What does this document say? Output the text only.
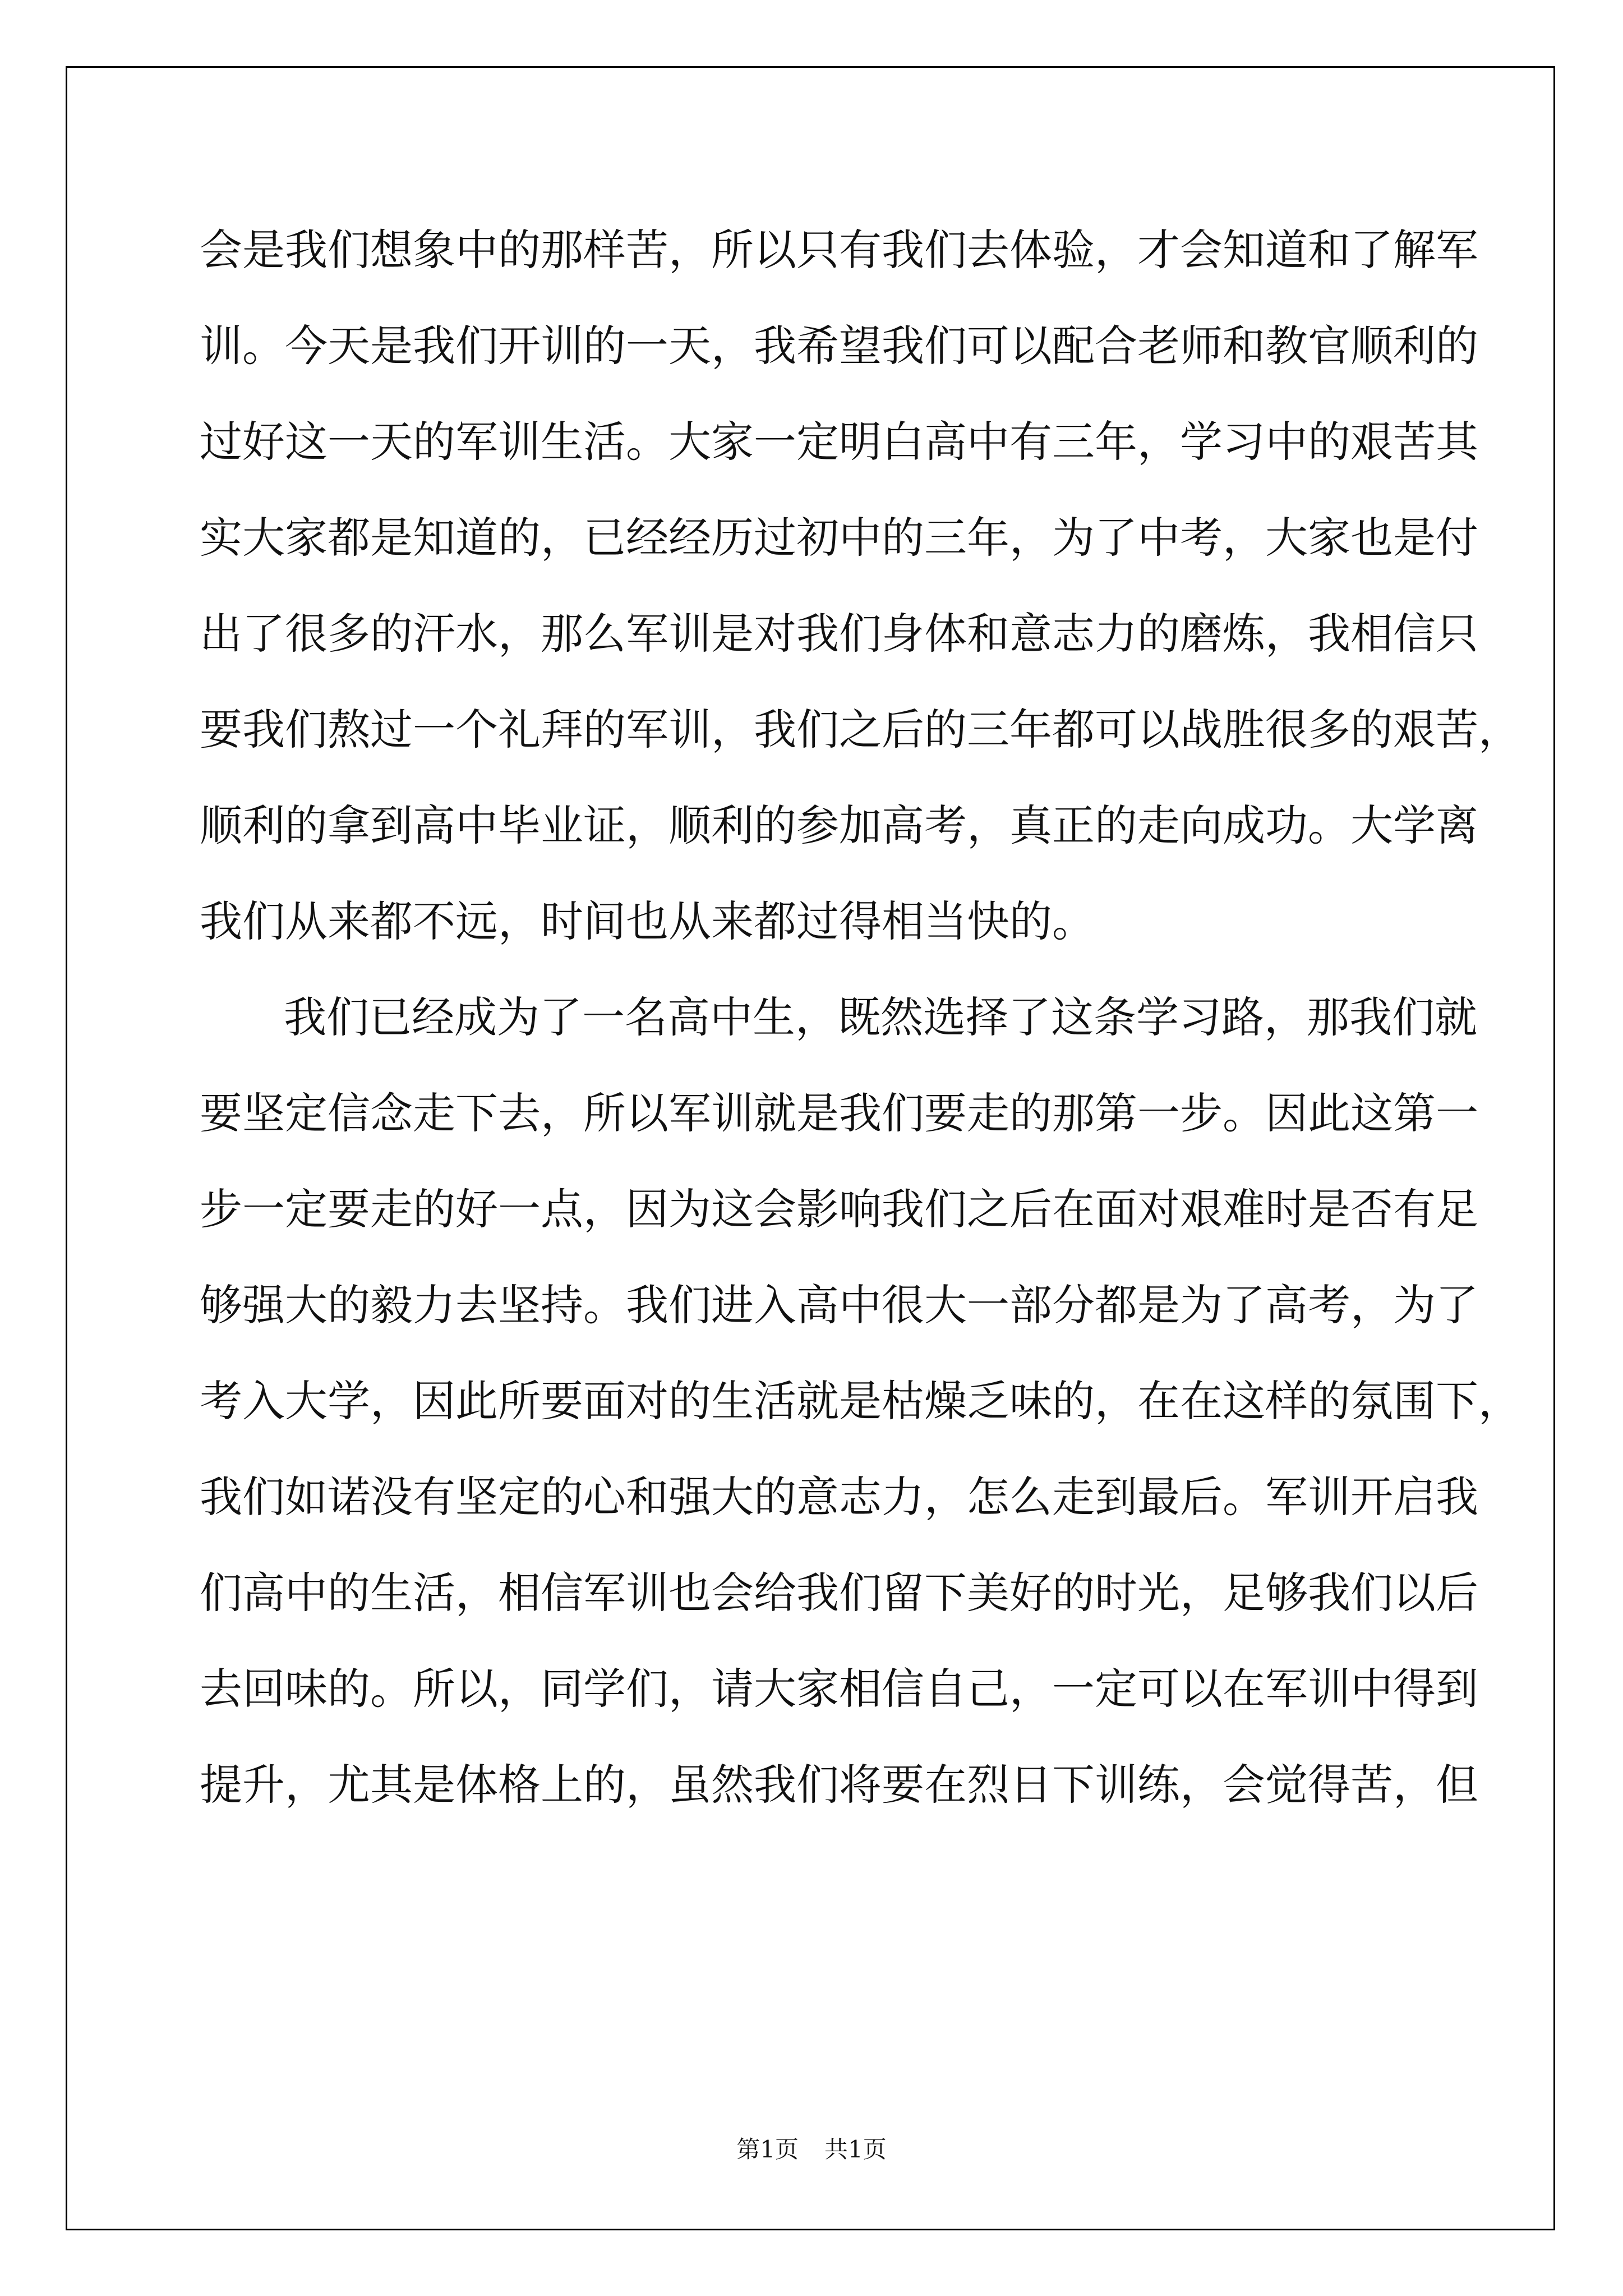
会是我们想象中的那样苦，所以只有我们去体验，才会知道和了解军
训。今天是我们开训的一天，我希望我们可以配合老师和教官顺利的
过好这一天的军训生活。大家一定明白高中有三年，学习中的艰苦其
实大家都是知道的，已经经历过初中的三年，为了中考，大家也是付
出了很多的汗水，那么军训是对我们身体和意志力的磨炼，我相信只
要我们熬过一个礼拜的军训，我们之后的三年都可以战胜很多的艰苦，
顺利的拿到高中毕业证，顺利的参加高考，真正的走向成功。大学离
我们从来都不远，时间也从来都过得相当快的。
我们已经成为了一名高中生，既然选择了这条学习路，那我们就
要坚定信念走下去，所以军训就是我们要走的那第一步。因此这第一
步一定要走的好一点，因为这会影响我们之后在面对艰难时是否有足
够强大的毅力去坚持。我们进入高中很大一部分都是为了高考，为了
考入大学，因此所要面对的生活就是枯燥乏味的，在在这样的氛围下，
我们如诺没有坚定的心和强大的意志力，怎么走到最后。军训开启我
们高中的生活，相信军训也会给我们留下美好的时光，足够我们以后
去回味的。所以，同学们，请大家相信自己，一定可以在军训中得到
提升，尤其是体格上的，虽然我们将要在烈日下训练，会觉得苦，但
第1页 共1页
